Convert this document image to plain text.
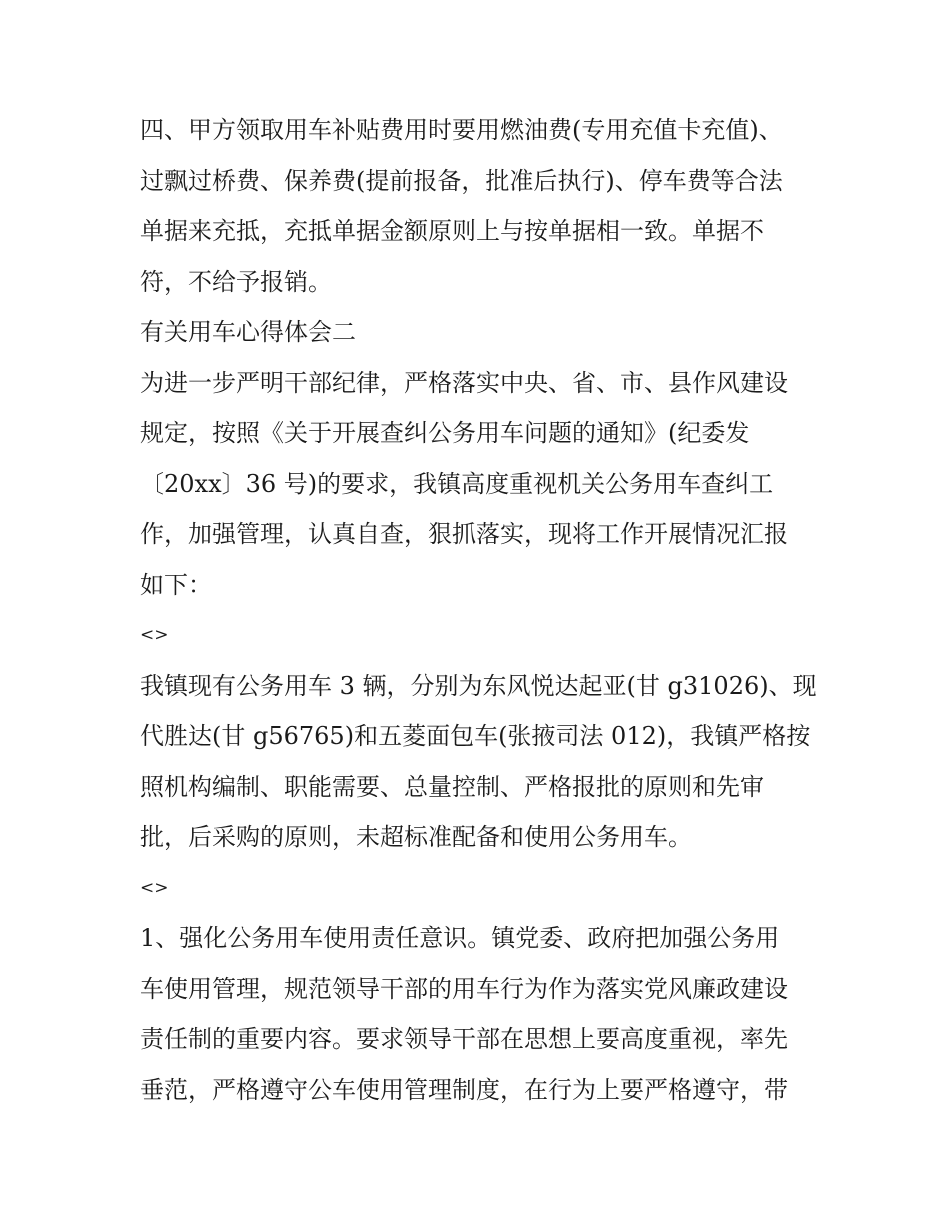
四、甲方领取用车补贴费用时要用燃油费(专用充值卡充值)、
过飘过桥费、保养费(提前报备，批准后执行)、停车费等合法
单据来充抵，充抵单据金额原则上与按单据相一致。单据不
符，不给予报销。
有关用车心得体会二
为进一步严明干部纪律，严格落实中央、省、市、县作风建设
规定，按照《关于开展查纠公务用车问题的通知》(纪委发
〔20xx〕36 号)的要求，我镇高度重视机关公务用车查纠工
作，加强管理，认真自查，狠抓落实，现将工作开展情况汇报
如下：
<>
我镇现有公务用车 3 辆，分别为东风悦达起亚(甘 g31026)、现
代胜达(甘 g56765)和五菱面包车(张掖司法 012)，我镇严格按
照机构编制、职能需要、总量控制、严格报批的原则和先审
批，后采购的原则，未超标准配备和使用公务用车。
<>
1、强化公务用车使用责任意识。镇党委、政府把加强公务用
车使用管理，规范领导干部的用车行为作为落实党风廉政建设
责任制的重要内容。要求领导干部在思想上要高度重视，率先
垂范，严格遵守公车使用管理制度，在行为上要严格遵守，带
